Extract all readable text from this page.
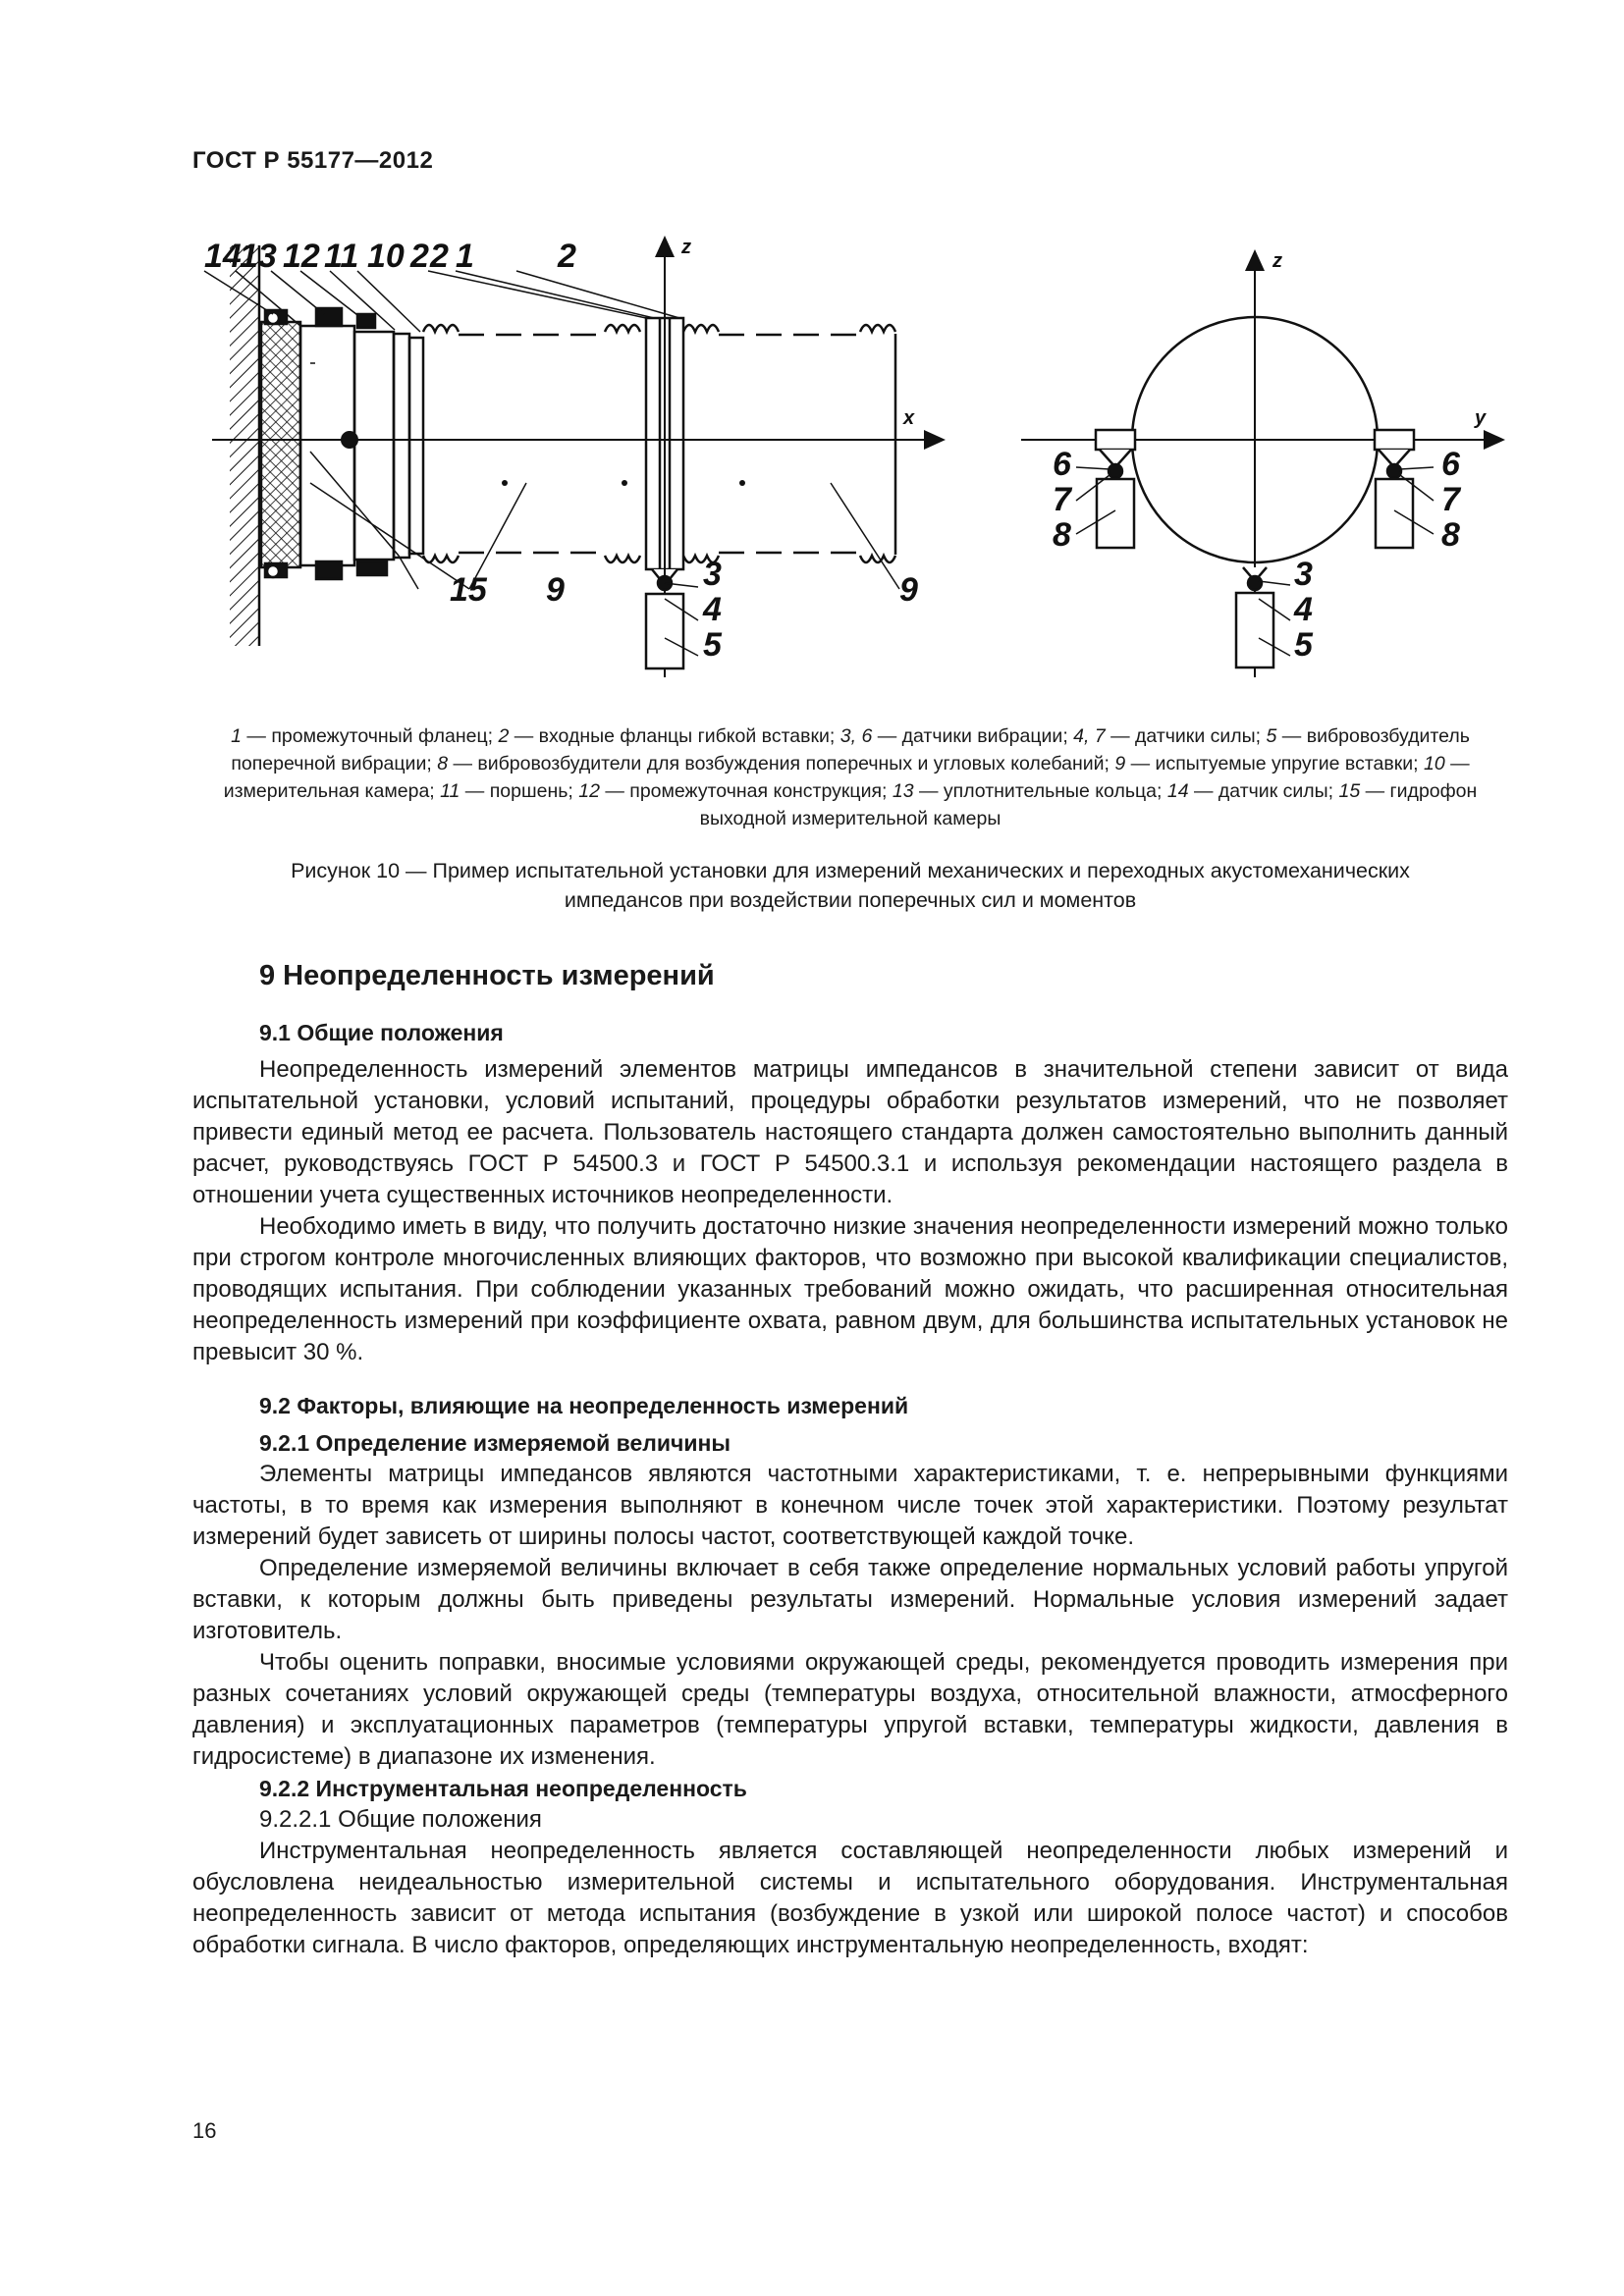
ГОСТ Р 55177—2012
14
13 12 11 10 2 2 1	2	z
x
15 9	9
3
4
5
z
y
6
7
8
6
7
8
3
4
5
1 — промежуточный фланец; 2 — входные фланцы гибкой вставки; 3, 6 — датчики вибрации; 4, 7 — датчики силы; 5 — вибровозбудитель поперечной вибрации; 8 — вибровозбудители для возбуждения поперечных и угловых колебаний; 9 — испытуемые упругие вставки; 10 — измерительная камера; 11 — поршень; 12 — промежуточная конструкция; 13 — уплотнительные кольца; 14 — датчик силы; 15 — гидрофон выходной измерительной камеры
Рисунок 10 — Пример испытательной установки для измерений механических и переходных акустомеханических
импедансов при воздействии поперечных сил и моментов
9 Неопределенность измерений
9.1 Общие положения

Неопределенность измерений элементов матрицы импедансов в значительной степени зависит от вида испытательной установки, условий испытаний, процедуры обработки результатов измерений, что не позволяет привести единый метод ее расчета. Пользователь настоящего стандарта должен самостоятельно выполнить данный расчет, руководствуясь ГОСТ Р 54500.3 и ГОСТ Р 54500.3.1 и используя рекомендации настоящего раздела в отношении учета существенных источников неопределенности.

Необходимо иметь в виду, что получить достаточно низкие значения неопределенности измерений можно только при строгом контроле многочисленных влияющих факторов, что возможно при высокой квалификации специалистов, проводящих испытания. При соблюдении указанных требований можно ожидать, что расширенная относительная неопределенность измерений при коэффициенте охвата, равном двум, для большинства испытательных установок не превысит 30 %.

9.2 Факторы, влияющие на неопределенность измерений
9.2.1 Определение измеряемой величины

Элементы матрицы импедансов являются частотными характеристиками, т. е. непрерывными функциями частоты, в то время как измерения выполняют в конечном числе точек этой характеристики. Поэтому результат измерений будет зависеть от ширины полосы частот, соответствующей каждой точке.

Определение измеряемой величины включает в себя также определение нормальных условий работы упругой вставки, к которым должны быть приведены результаты измерений. Нормальные условия измерений задает изготовитель.

Чтобы оценить поправки, вносимые условиями окружающей среды, рекомендуется проводить измерения при разных сочетаниях условий окружающей среды (температуры воздуха, относительной влажности, атмосферного давления) и эксплуатационных параметров (температуры упругой вставки, температуры жидкости, давления в гидросистеме) в диапазоне их изменения.

9.2.2 Инструментальная неопределенность

9.2.2.1 Общие положения

Инструментальная неопределенность является составляющей неопределенности любых измерений и обусловлена неидеальностью измерительной системы и испытательного оборудования. Инструментальная неопределенность зависит от метода испытания (возбуждение в узкой или широкой полосе частот) и способов обработки сигнала. В число факторов, определяющих инструментальную неопределенность, входят:

16
